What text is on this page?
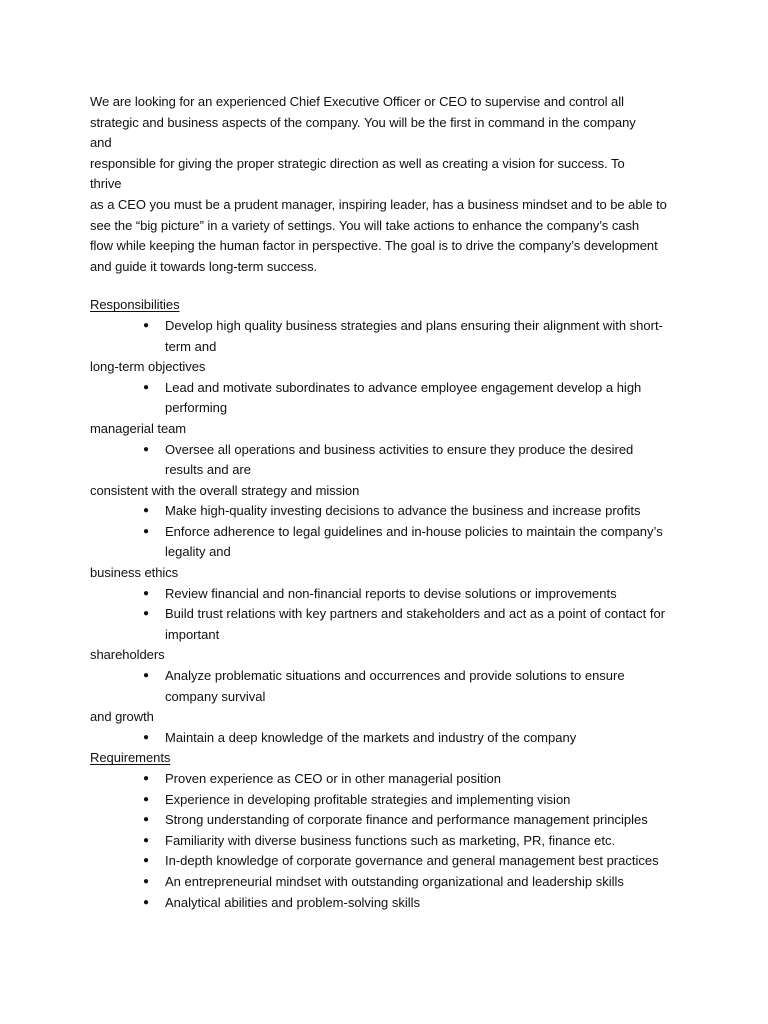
We are looking for an experienced Chief Executive Officer or CEO to supervise and control all
strategic and business aspects of the company. You will be the first in command in the company
and
responsible for giving the proper strategic direction as well as creating a vision for success. To
thrive
as a CEO you must be a prudent manager, inspiring leader, has a business mindset and to be able to
see the “big picture” in a variety of settings. You will take actions to enhance the company’s cash
flow while keeping the human factor in perspective. The goal is to drive the company’s development
and guide it towards long-term success.
Responsibilities
●	Develop high quality business strategies and plans ensuring their alignment with short-
term and
long-term objectives
●	Lead and motivate subordinates to advance employee engagement develop a high
performing
managerial team
●	Oversee all operations and business activities to ensure they produce the desired
results and are
consistent with the overall strategy and mission
●	Make high-quality investing decisions to advance the business and increase profits
●	Enforce adherence to legal guidelines and in-house policies to maintain the company’s
legality and
business ethics
●	Review financial and non-financial reports to devise solutions or improvements
●	Build trust relations with key partners and stakeholders and act as a point of contact for
important
shareholders
●	Analyze problematic situations and occurrences and provide solutions to ensure
company survival
and growth
●	Maintain a deep knowledge of the markets and industry of the company
Requirements
●	Proven experience as CEO or in other managerial position
●	Experience in developing profitable strategies and implementing vision
●	Strong understanding of corporate finance and performance management principles
●	Familiarity with diverse business functions such as marketing, PR, finance etc.
●	In-depth knowledge of corporate governance and general management best practices
●	An entrepreneurial mindset with outstanding organizational and leadership skills
●	Analytical abilities and problem-solving skills
